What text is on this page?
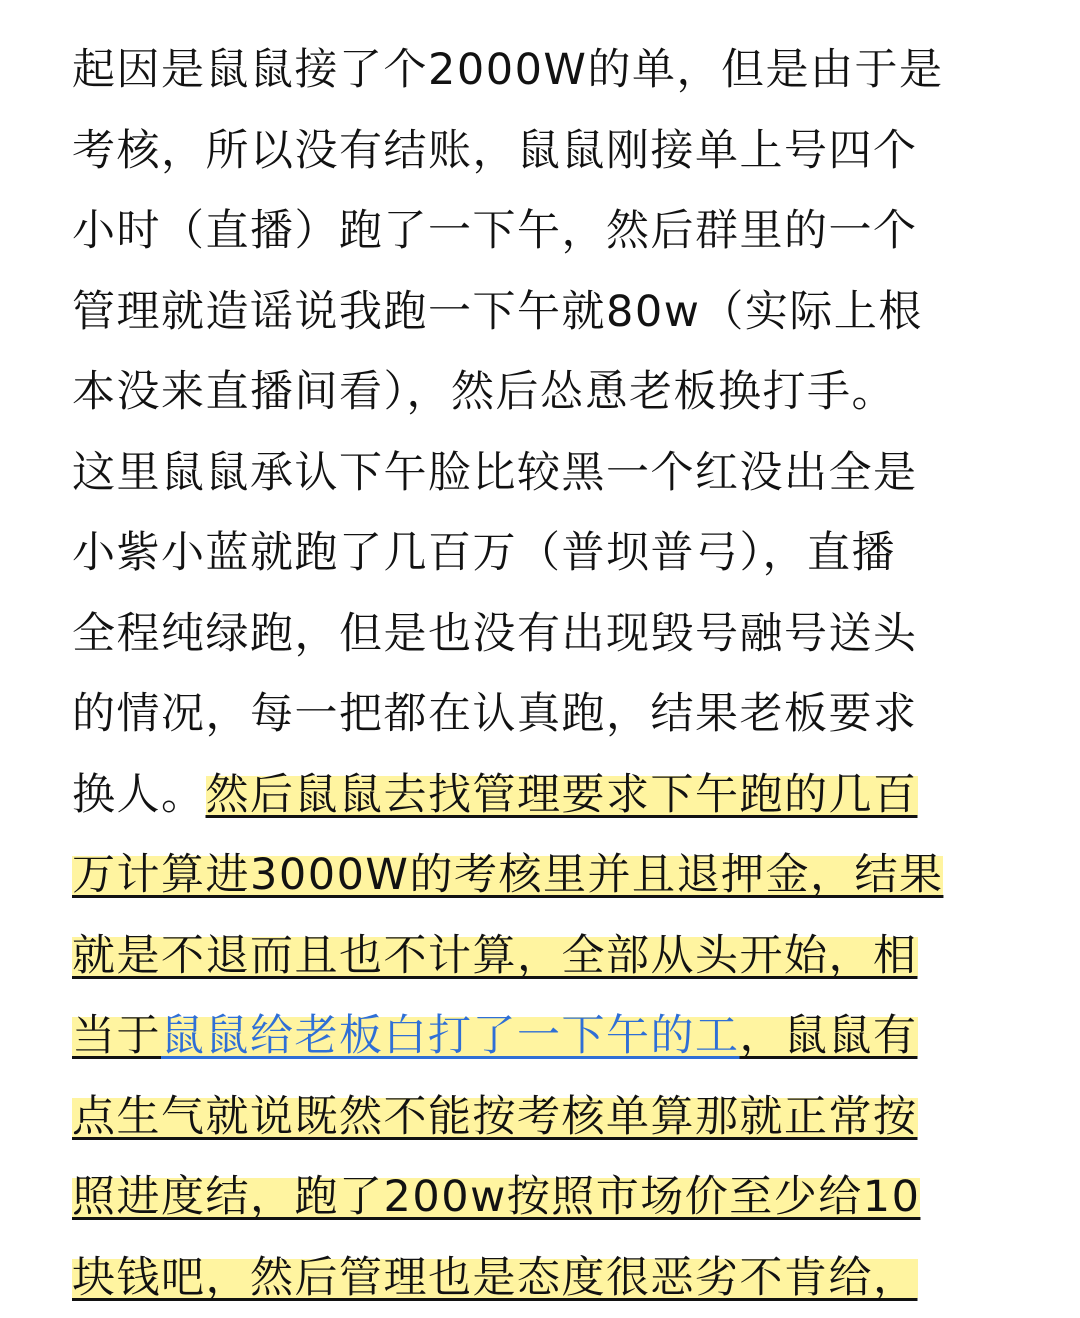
起因是鼠鼠接了个2000W的单，但是由于是
考核，所以没有结账，鼠鼠刚接单上号四个
小时（直播）跑了一下午，然后群里的一个
管理就造谣说我跑一下午就80w（实际上根
本没来直播间看），然后怂恿老板换打手。
这里鼠鼠承认下午脸比较黑一个红没出全是
小紫小蓝就跑了几百万（普坝普弓），直播
全程纯绿跑，但是也没有出现毁号融号送头
的情况，每一把都在认真跑，结果老板要求
换人。然后鼠鼠去找管理要求下午跑的几百
万计算进3000W的考核里并且退押金，结果
就是不退而且也不计算，全部从头开始，相
当于鼠鼠给老板白打了一下午的工，鼠鼠有
点生气就说既然不能按考核单算那就正常按
照进度结，跑了200w按照市场价至少给10
块钱吧，然后管理也是态度很恶劣不肯给，
